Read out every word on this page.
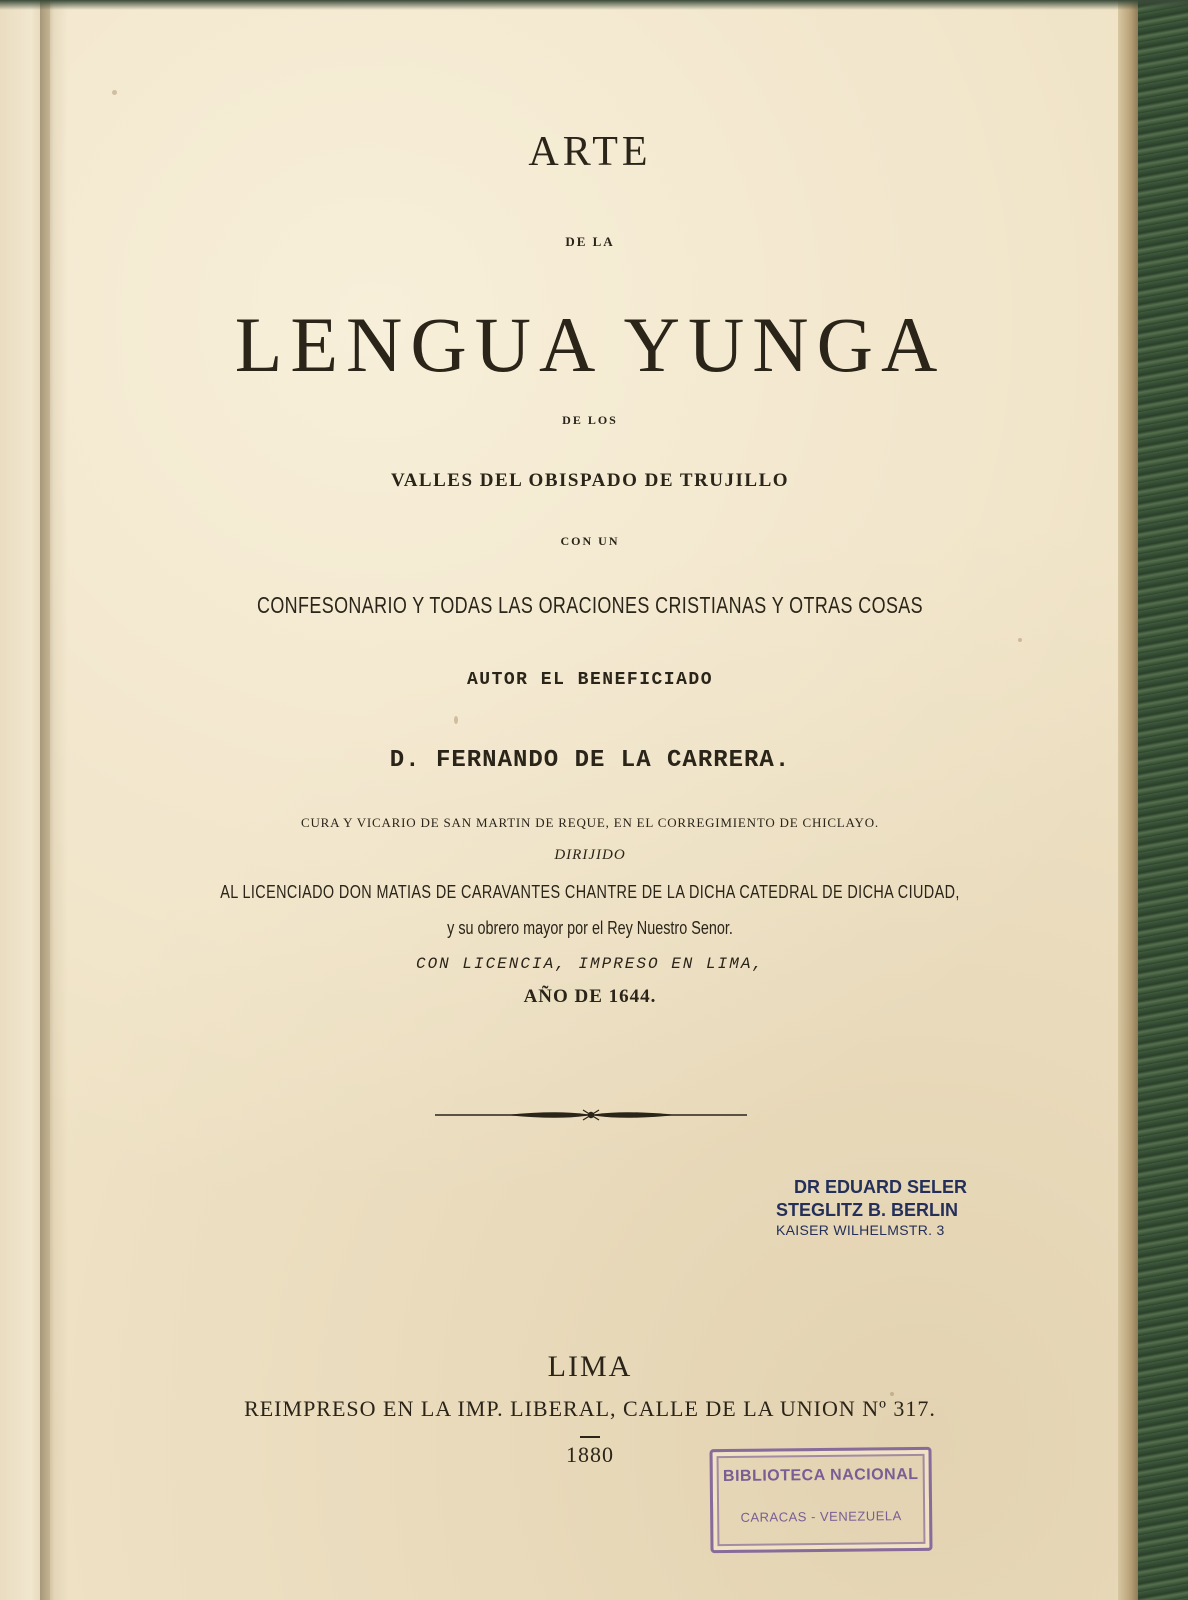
ARTE
DE LA
LENGUA YUNGA
DE LOS
VALLES DEL OBISPADO DE TRUJILLO
CON UN
CONFESONARIO Y TODAS LAS ORACIONES CRISTIANAS Y OTRAS COSAS
AUTOR EL BENEFICIADO
D. FERNANDO DE LA CARRERA.
CURA Y VICARIO DE SAN MARTIN DE REQUE, EN EL CORREGIMIENTO DE CHICLAYO.
DIRIJIDO
AL LICENCIADO DON MATIAS DE CARAVANTES CHANTRE DE LA DICHA CATEDRAL DE DICHA CIUDAD,
y su obrero mayor por el Rey Nuestro Senor.
CON LICENCIA, IMPRESO EN LIMA,
AÑO DE 1644.
LIMA
REIMPRESO EN LA IMP. LIBERAL, CALLE DE LA UNION Nº 317.
1880
DR EDUARD SELER
STEGLITZ B. BERLIN
KAISER WILHELMSTR. 3
BIBLIOTECA NACIONAL
CARACAS - VENEZUELA
